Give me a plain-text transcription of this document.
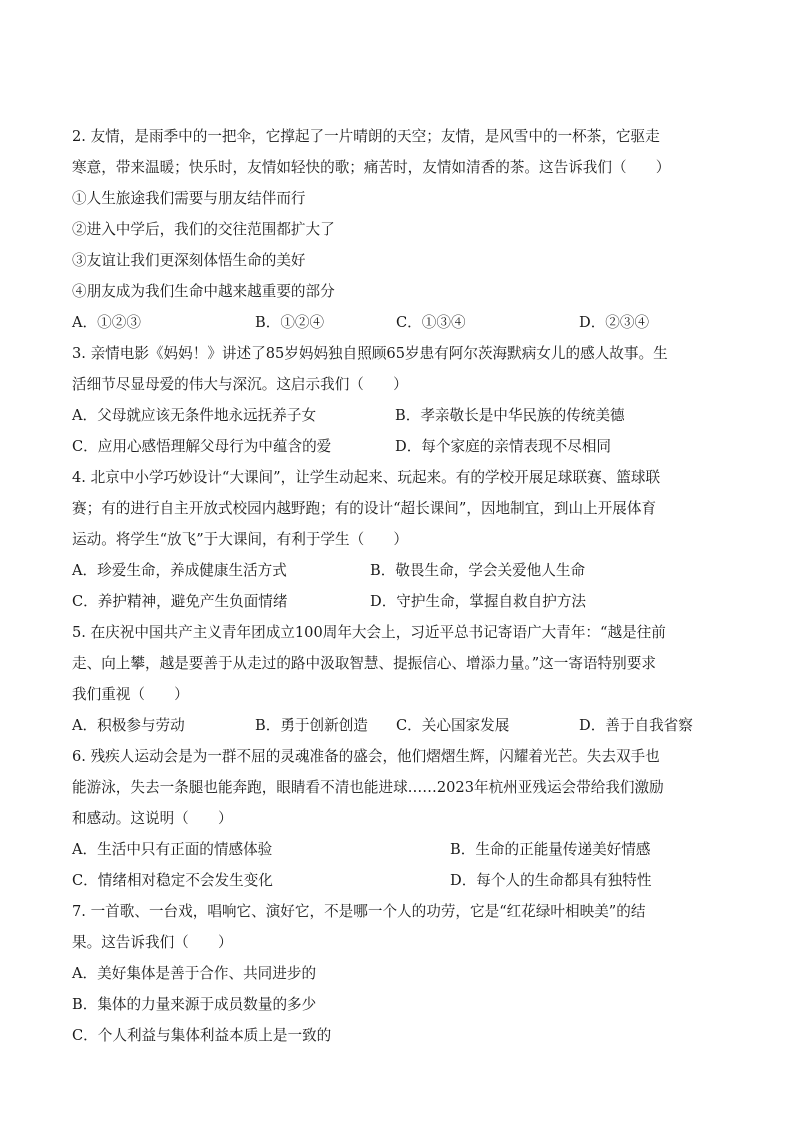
2. 友情，是雨季中的一把伞，它撑起了一片晴朗的天空；友情，是风雪中的一杯茶，它驱走
寒意，带来温暖；快乐时，友情如轻快的歌；痛苦时，友情如清香的茶。这告诉我们（　　）
①人生旅途我们需要与朋友结伴而行
②进入中学后，我们的交往范围都扩大了
③友谊让我们更深刻体悟生命的美好
④朋友成为我们生命中越来越重要的部分
A．①②③	B．①②④	C．①③④	D．②③④
3. 亲情电影《妈妈！》讲述了85岁妈妈独自照顾65岁患有阿尔茨海默病女儿的感人故事。生
活细节尽显母爱的伟大与深沉。这启示我们（　　）
A．父母就应该无条件地永远抚养子女	B．孝亲敬长是中华民族的传统美德
C．应用心感悟理解父母行为中蕴含的爱	D．每个家庭的亲情表现不尽相同
4. 北京中小学巧妙设计“大课间”，让学生动起来、玩起来。有的学校开展足球联赛、篮球联
赛；有的进行自主开放式校园内越野跑；有的设计“超长课间”，因地制宜，到山上开展体育
运动。将学生“放飞”于大课间，有利于学生（　　）
A．珍爱生命，养成健康生活方式	B．敬畏生命，学会关爱他人生命
C．养护精神，避免产生负面情绪	D．守护生命，掌握自救自护方法
5. 在庆祝中国共产主义青年团成立100周年大会上，习近平总书记寄语广大青年：“越是往前
走、向上攀，越是要善于从走过的路中汲取智慧、提振信心、增添力量。”这一寄语特别要求
我们重视（　　）
A．积极参与劳动	B．勇于创新创造	C．关心国家发展	D．善于自我省察
6. 残疾人运动会是为一群不屈的灵魂准备的盛会，他们熠熠生辉，闪耀着光芒。失去双手也
能游泳，失去一条腿也能奔跑，眼睛看不清也能进球……2023年杭州亚残运会带给我们激励
和感动。这说明（　　）
A．生活中只有正面的情感体验	B．生命的正能量传递美好情感
C．情绪相对稳定不会发生变化	D．每个人的生命都具有独特性
7. 一首歌、一台戏，唱响它、演好它，不是哪一个人的功劳，它是“红花绿叶相映美”的结
果。这告诉我们（　　）
A．美好集体是善于合作、共同进步的
B．集体的力量来源于成员数量的多少
C．个人利益与集体利益本质上是一致的
